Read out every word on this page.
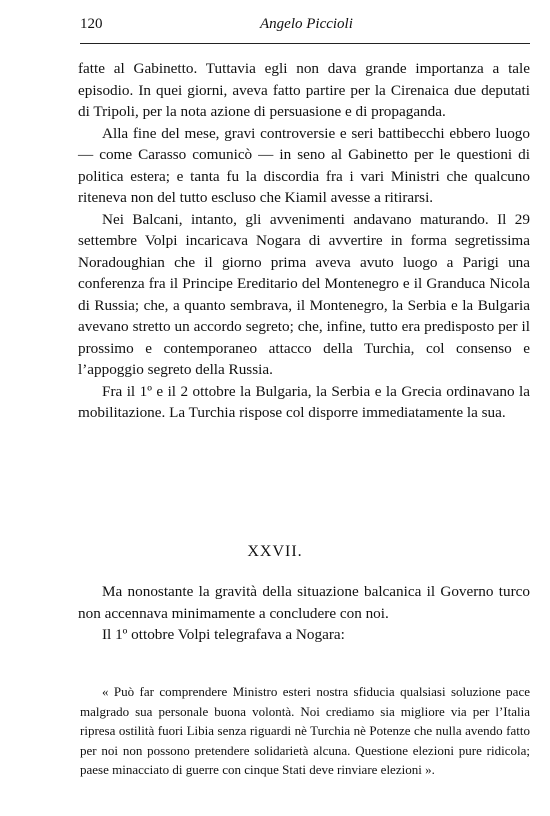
120	Angelo Piccioli

fatte al Gabinetto. Tuttavia egli non dava grande importanza a tale episodio. In quei giorni, aveva fatto partire per la Cirenaica due deputati di Tripoli, per la nota azione di persuasione e di propaganda.

Alla fine del mese, gravi controversie e seri battibecchi ebbero luogo — come Carasso comunicò — in seno al Gabinetto per le questioni di politica estera; e tanta fu la discordia fra i vari Ministri che qualcuno riteneva non del tutto escluso che Kiamil avesse a ritirarsi.

Nei Balcani, intanto, gli avvenimenti andavano maturando. Il 29 settembre Volpi incaricava Nogara di avvertire in forma segretissima Noradoughian che il giorno prima aveva avuto luogo a Parigi una conferenza fra il Principe Ereditario del Montenegro e il Granduca Nicola di Russia; che, a quanto sembrava, il Montenegro, la Serbia e la Bulgaria avevano stretto un accordo segreto; che, infine, tutto era predisposto per il prossimo e contemporaneo attacco della Turchia, col consenso e l’appoggio segreto della Russia.

Fra il 1º e il 2 ottobre la Bulgaria, la Serbia e la Grecia ordinavano la mobilitazione. La Turchia rispose col disporre immediatamente la sua.

XXVII.

Ma nonostante la gravità della situazione balcanica il Governo turco non accennava minimamente a concludere con noi.

Il 1º ottobre Volpi telegrafava a Nogara:

« Può far comprendere Ministro esteri nostra sfiducia qualsiasi soluzione pace malgrado sua personale buona volontà. Noi crediamo sia migliore via per l’Italia ripresa ostilità fuori Libia senza riguardi nè Turchia nè Potenze che nulla avendo fatto per noi non possono pretendere solidarietà alcuna. Questione elezioni pure ridicola; paese minacciato di guerre con cinque Stati deve rinviare elezioni ».
